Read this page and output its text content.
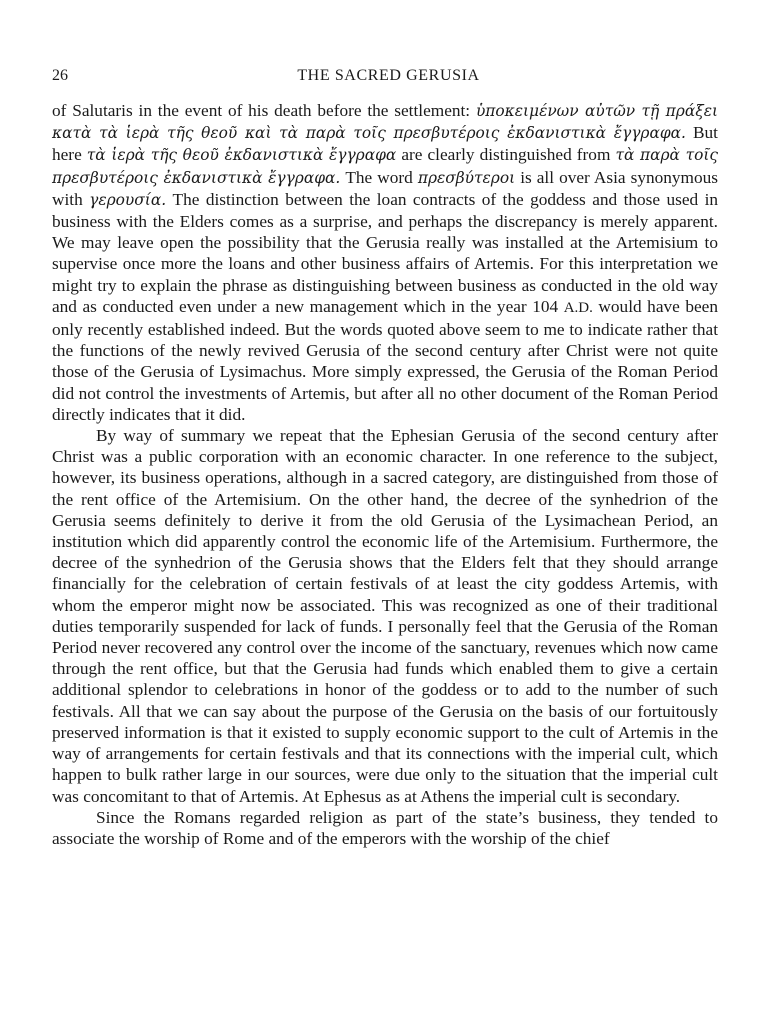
26	THE SACRED GERUSIA

of Salutaris in the event of his death before the settlement: ὑποκειμένων αὐτῶν τῇ πράξει κατὰ τὰ ἱερὰ τῆς θεοῦ καὶ τὰ παρὰ τοῖς πρεσβυτέροις ἐκδανιστικὰ ἔγγραφα. But here τὰ ἱερὰ τῆς θεοῦ ἐκδανιστικὰ ἔγγραφα are clearly distinguished from τὰ παρὰ τοῖς πρεσβυτέροις ἐκδανιστικὰ ἔγγραφα. The word πρεσβύτεροι is all over Asia synonymous with γερουσία. The distinction between the loan contracts of the goddess and those used in business with the Elders comes as a surprise, and perhaps the discrepancy is merely apparent. We may leave open the possibility that the Gerusia really was installed at the Artemisium to supervise once more the loans and other business affairs of Artemis. For this interpretation we might try to explain the phrase as distinguishing between business as conducted in the old way and as conducted even under a new management which in the year 104 A.D. would have been only recently established indeed. But the words quoted above seem to me to indicate rather that the functions of the newly revived Gerusia of the second century after Christ were not quite those of the Gerusia of Lysimachus. More simply expressed, the Gerusia of the Roman Period did not control the investments of Artemis, but after all no other document of the Roman Period directly indicates that it did.

By way of summary we repeat that the Ephesian Gerusia of the second century after Christ was a public corporation with an economic character. In one reference to the subject, however, its business operations, although in a sacred category, are distinguished from those of the rent office of the Artemisium. On the other hand, the decree of the synhedrion of the Gerusia seems definitely to derive it from the old Gerusia of the Lysimachean Period, an institution which did apparently control the economic life of the Artemisium. Furthermore, the decree of the synhedrion of the Gerusia shows that the Elders felt that they should arrange financially for the celebration of certain festivals of at least the city goddess Artemis, with whom the emperor might now be associated. This was recognized as one of their traditional duties temporarily suspended for lack of funds. I personally feel that the Gerusia of the Roman Period never recovered any control over the income of the sanctuary, revenues which now came through the rent office, but that the Gerusia had funds which enabled them to give a certain additional splendor to celebrations in honor of the goddess or to add to the number of such festivals. All that we can say about the purpose of the Gerusia on the basis of our fortuitously preserved information is that it existed to supply economic support to the cult of Artemis in the way of arrangements for certain festivals and that its connections with the imperial cult, which happen to bulk rather large in our sources, were due only to the situation that the imperial cult was concomitant to that of Artemis. At Ephesus as at Athens the imperial cult is secondary.

Since the Romans regarded religion as part of the state’s business, they tended to associate the worship of Rome and of the emperors with the worship of the chief
